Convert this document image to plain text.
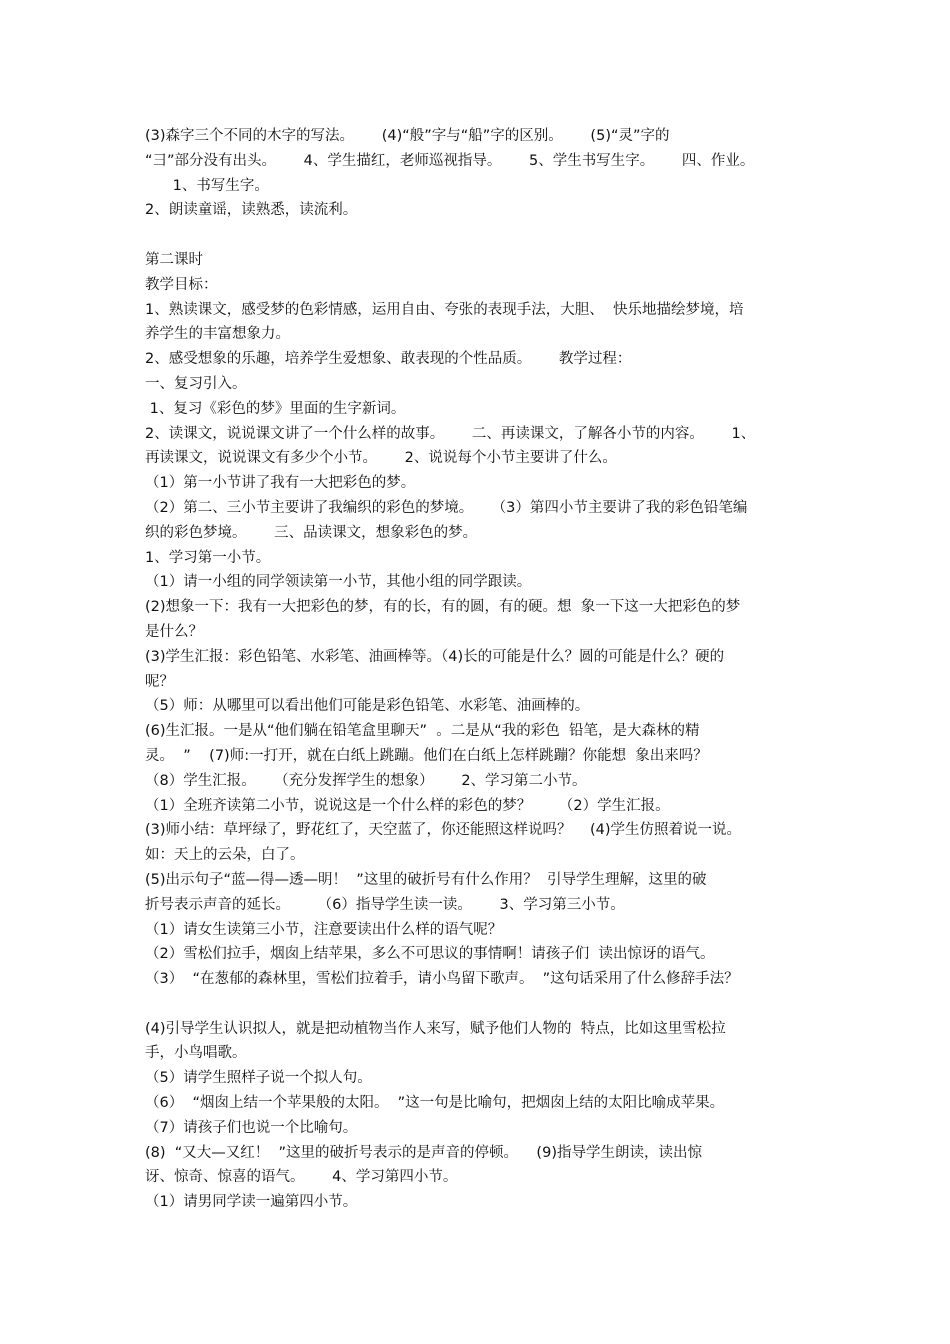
(3)森字三个不同的木字的写法。      (4)“般”字与“船”字的区别。      (5)“灵”字的
“彐”部分没有出头。      4、学生描红，老师巡视指导。      5、学生书写生字。      四、作业。
1、书写生字。
2、朗读童谣，读熟悉，读流利。
第二课时
教学目标：
1、熟读课文，感受梦的色彩情感，运用自由、夸张的表现手法，大胆、  快乐地描绘梦境，培
养学生的丰富想象力。
2、感受想象的乐趣，培养学生爱想象、敢表现的个性品质。      教学过程：
一、复习引入。
1、复习《彩色的梦》里面的生字新词。
2、读课文，说说课文讲了一个什么样的故事。      二、再读课文，了解各小节的内容。      1、
再读课文，说说课文有多少个小节。      2、说说每个小节主要讲了什么。
（1）第一小节讲了我有一大把彩色的梦。
（2）第二、三小节主要讲了我编织的彩色的梦境。    （3）第四小节主要讲了我的彩色铅笔编
织的彩色梦境。      三、品读课文，想象彩色的梦。
1、学习第一小节。
（1）请一小组的同学领读第一小节，其他小组的同学跟读。
(2)想象一下：我有一大把彩色的梦，有的长，有的圆，有的硬。想  象一下这一大把彩色的梦
是什么？
(3)学生汇报：彩色铅笔、水彩笔、油画棒等。（4)长的可能是什么？圆的可能是什么？硬的
呢？
（5）师：从哪里可以看出他们可能是彩色铅笔、水彩笔、油画棒的。
(6)生汇报。一是从“他们躺在铅笔盒里聊天”  。二是从“我的彩色  铅笔，是大森林的精
灵。  ”    (7)师:一打开，就在白纸上跳蹦。他们在白纸上怎样跳蹦？你能想  象出来吗？
（8）学生汇报。    （充分发挥学生的想象）      2、学习第二小节。
（1）全班齐读第二小节，说说这是一个什么样的彩色的梦？      （2）学生汇报。
(3)师小结：草坪绿了，野花红了，天空蓝了，你还能照这样说吗？    (4)学生仿照着说一说。
如：天上的云朵，白了。
(5)出示句子“蓝—得—透—明！  ”这里的破折号有什么作用？  引导学生理解，这里的破
折号表示声音的延长。      （6）指导学生读一读。      3、学习第三小节。
（1）请女生读第三小节，注意要读出什么样的语气呢？
（2）雪松们拉手，烟囱上结苹果，多么不可思议的事情啊！请孩子们  读出惊讶的语气。
（3）  “在葱郁的森林里，雪松们拉着手，请小鸟留下歌声。  ”这句话采用了什么修辞手法？
(4)引导学生认识拟人，就是把动植物当作人来写，赋予他们人物的  特点，比如这里雪松拉
手，小鸟唱歌。
（5）请学生照样子说一个拟人句。
（6）  “烟囱上结一个苹果般的太阳。  ”这一句是比喻句，把烟囱上结的太阳比喻成苹果。
（7）请孩子们也说一个比喻句。
(8)  “又大—又红！  ”这里的破折号表示的是声音的停顿。    (9)指导学生朗读，读出惊
讶、惊奇、惊喜的语气。      4、学习第四小节。
（1）请男同学读一遍第四小节。
